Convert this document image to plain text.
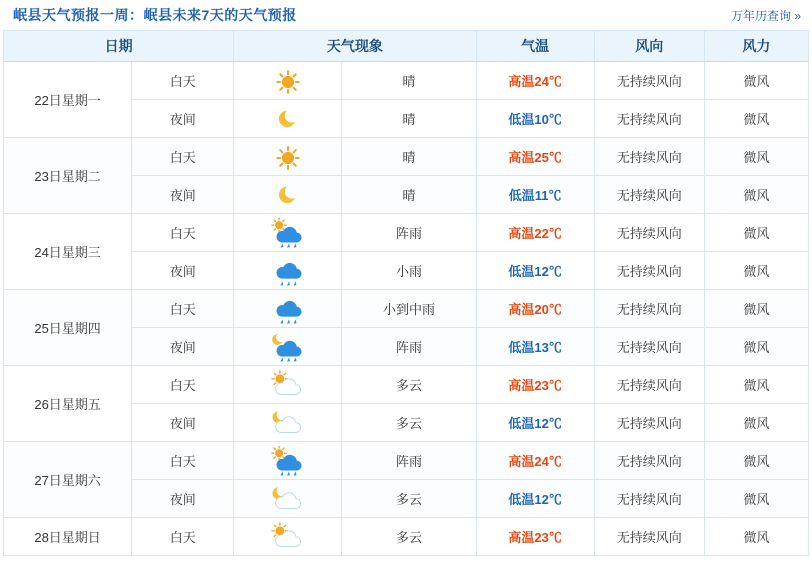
岷县天气预报一周：岷县未来7天的天气预报	万年历查询 »
日期		天气现象		气温	风向	风力
22日星期一	白天		晴	高温24℃	无持续风向	微风
	夜间		晴	低温10℃	无持续风向	微风
23日星期二	白天		晴	高温25℃	无持续风向	微风
	夜间		晴	低温11℃	无持续风向	微风
24日星期三	白天		阵雨	高温22℃	无持续风向	微风
	夜间		小雨	低温12℃	无持续风向	微风
25日星期四	白天		小到中雨	高温20℃	无持续风向	微风
	夜间		阵雨	低温13℃	无持续风向	微风
26日星期五	白天		多云	高温23℃	无持续风向	微风
	夜间		多云	低温12℃	无持续风向	微风
27日星期六	白天		阵雨	高温24℃	无持续风向	微风
	夜间		多云	低温12℃	无持续风向	微风
28日星期日	白天		多云	高温23℃	无持续风向	微风
